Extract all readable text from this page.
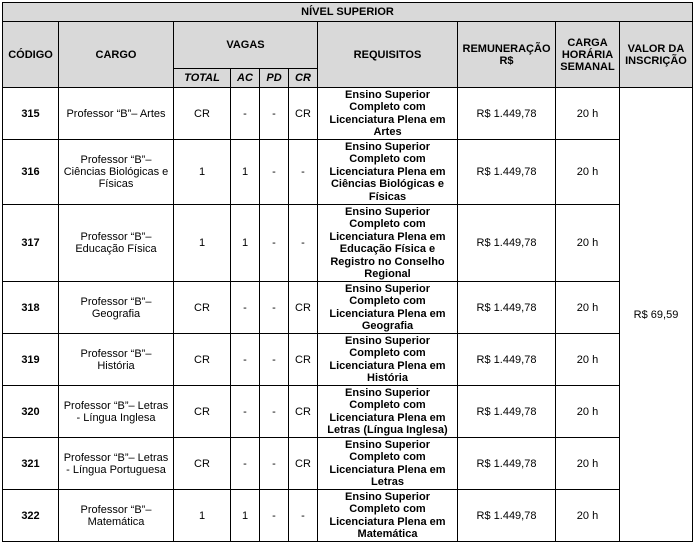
NÍVEL SUPERIOR									
CÓDIGO	CARGO	VAGAS				REQUISITOS	REMUNERAÇÃO R$	CARGA HORÁRIA SEMANAL	VALOR DA INSCRIÇÃO
		TOTAL	AC	PD	CR				
315	Professor “B”– Artes	CR	-	-	CR	Ensino Superior Completo com Licenciatura Plena em Artes	R$ 1.449,78	20 h	R$ 69,59
316	Professor “B”– Ciências Biológicas e Físicas	1	1	-	-	Ensino Superior Completo com Licenciatura Plena em Ciências Biológicas e Físicas	R$ 1.449,78	20 h	
317	Professor “B”– Educação Física	1	1	-	-	Ensino Superior Completo com Licenciatura Plena em Educação Física e Registro no Conselho Regional	R$ 1.449,78	20 h	
318	Professor “B”– Geografia	CR	-	-	CR	Ensino Superior Completo com Licenciatura Plena em Geografia	R$ 1.449,78	20 h	
319	Professor “B”– História	CR	-	-	CR	Ensino Superior Completo com Licenciatura Plena em História	R$ 1.449,78	20 h	
320	Professor “B”– Letras - Língua Inglesa	CR	-	-	CR	Ensino Superior Completo com Licenciatura Plena em Letras (Língua Inglesa)	R$ 1.449,78	20 h	
321	Professor “B”– Letras - Língua Portuguesa	CR	-	-	CR	Ensino Superior Completo com Licenciatura Plena em Letras	R$ 1.449,78	20 h	
322	Professor “B”– Matemática	1	1	-	-	Ensino Superior Completo com Licenciatura Plena em Matemática	R$ 1.449,78	20 h	
